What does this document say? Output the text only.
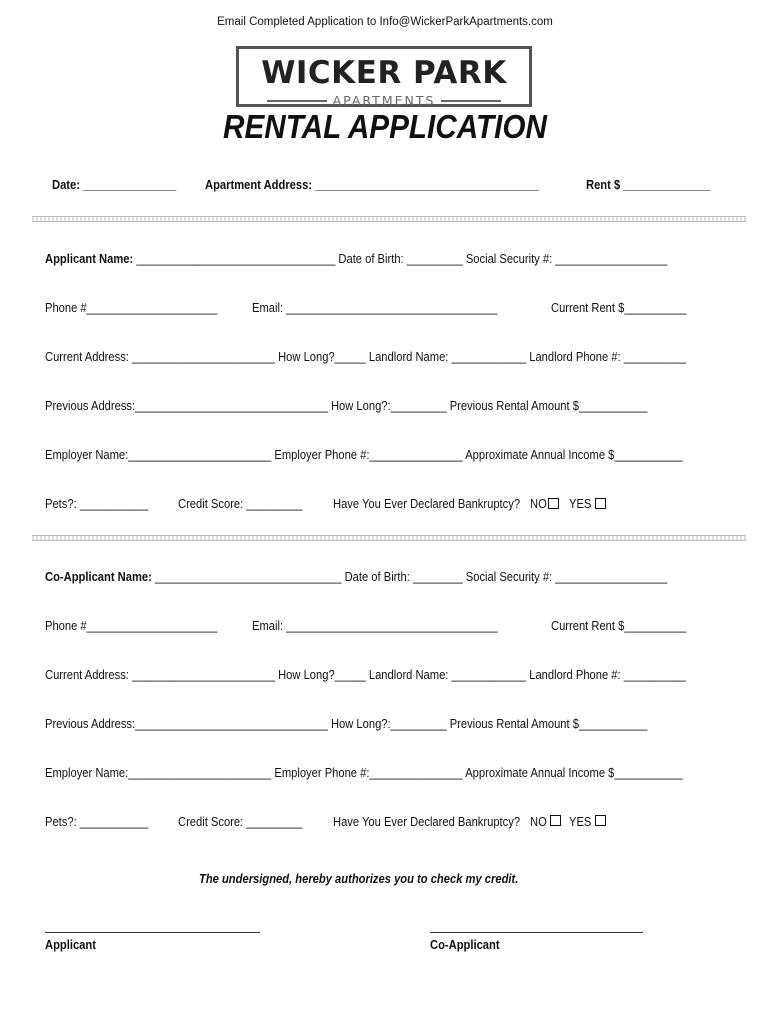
Email Completed Application to Info@WickerParkApartments.com
WICKER PARK
APARTMENTS
RENTAL APPLICATION
Date: _______________	Apartment Address: ____________________________________	Rent $ ______________
Applicant Name: ________________________________ Date of Birth: _________ Social Security #: __________________
Phone #_____________________	Email: __________________________________	Current Rent $__________
Current Address: _______________________ How Long?_____ Landlord Name: ____________ Landlord Phone #: __________
Previous Address:_______________________________ How Long?:_________ Previous Rental Amount $___________
Employer Name:_______________________ Employer Phone #:_______________ Approximate Annual Income $___________
Pets?: ___________	Credit Score: _________	Have You Ever Declared Bankruptcy? NO YES
Co-Applicant Name: ______________________________ Date of Birth: ________ Social Security #: __________________
Phone #_____________________	Email: __________________________________	Current Rent $__________
Current Address: _______________________ How Long?_____ Landlord Name: ____________ Landlord Phone #: __________
Previous Address:_______________________________ How Long?:_________ Previous Rental Amount $___________
Employer Name:_______________________ Employer Phone #:_______________ Approximate Annual Income $___________
Pets?: ___________	Credit Score: _________	Have You Ever Declared Bankruptcy? NO YES
The undersigned, hereby authorizes you to check my credit.
Applicant	Co-Applicant
